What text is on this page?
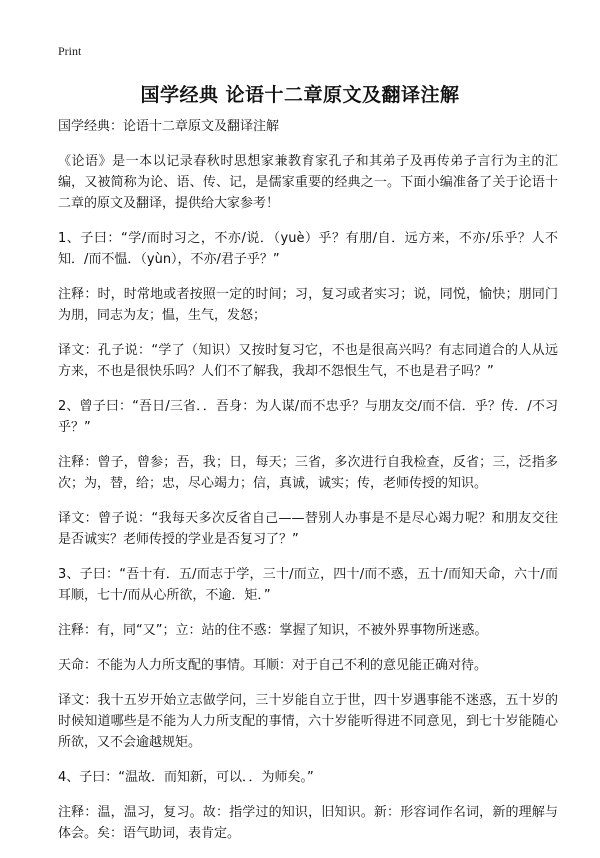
Print
国学经典 论语十二章原文及翻译注解

国学经典：论语十二章原文及翻译注解

《论语》是一本以记录春秋时思想家兼教育家孔子和其弟子及再传弟子言行为主的汇编，又被简称为论、语、传、记，是儒家重要的经典之一。下面小编准备了关于论语十二章的原文及翻译，提供给大家参考！

1、子曰：“学/而时习之，不亦/说．（yuè）乎？有朋/自．远方来，不亦/乐乎？人不知．/而不愠．（yùn），不亦/君子乎？”

注释：时，时常地或者按照一定的时间；习，复习或者实习；说，同悦，愉快；朋同门为朋，同志为友；愠，生气，发怒；

译文：孔子说：“学了（知识）又按时复习它，不也是很高兴吗？有志同道合的人从远方来，不也是很快乐吗？人们不了解我，我却不怨恨生气，不也是君子吗？”

2、曾子曰：“吾日/三省．．吾身：为人谋/而不忠乎？与朋友交/而不信．乎？传．/不习乎？”

注释：曾子，曾参；吾，我；日，每天；三省，多次进行自我检查，反省；三，泛指多次；为，替，给；忠，尽心竭力；信，真诚，诚实；传，老师传授的知识。

译文：曾子说：“我每天多次反省自己——替别人办事是不是尽心竭力呢？和朋友交往是否诚实？老师传授的学业是否复习了？”

3、子曰：“吾十有．五/而志于学，三十/而立，四十/而不惑，五十/而知天命，六十/而耳顺，七十/而从心所欲，不逾．矩．”

注释：有，同“又”；立：站的住不惑：掌握了知识，不被外界事物所迷惑。

天命：不能为人力所支配的事情。耳顺：对于自己不利的意见能正确对待。

译文：我十五岁开始立志做学问，三十岁能自立于世，四十岁遇事能不迷惑，五十岁的时候知道哪些是不能为人力所支配的事情，六十岁能听得进不同意见，到七十岁能随心所欲，又不会逾越规矩。

4、子曰：“温故．而知新，可以．．为师矣。”

注释：温，温习，复习。故：指学过的知识，旧知识。新：形容词作名词，新的理解与体会。矣：语气助词，表肯定。
